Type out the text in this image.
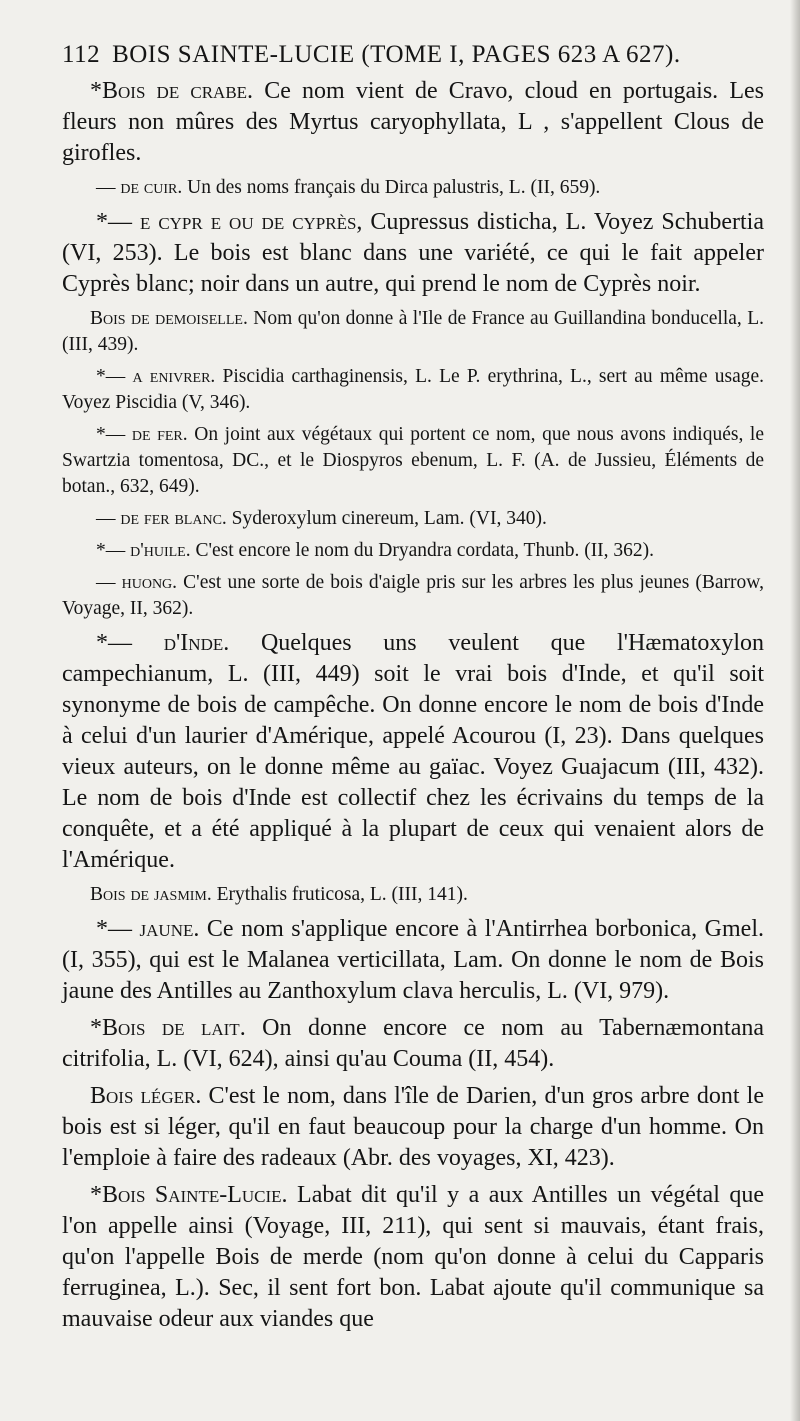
112 BOIS SAINTE-LUCIE (TOME I, PAGES 623 A 627).

*Bois de crabe. Ce nom vient de Cravo, cloud en portugais. Les fleurs non mûres des Myrtus caryophyllata, L , s'appellent Clous de girofles.

— de cuir. Un des noms français du Dirca palustris, L. (II, 659).

*— e cypr e ou de cyprès, Cupressus disticha, L. Voyez Schubertia (VI, 253). Le bois est blanc dans une variété, ce qui le fait appeler Cyprès blanc; noir dans un autre, qui prend le nom de Cyprès noir.

Bois de demoiselle. Nom qu'on donne à l'Ile de France au Guillandina bonducella, L. (III, 439).

*— a enivrer. Piscidia carthaginensis, L. Le P. erythrina, L., sert au même usage. Voyez Piscidia (V, 346).

*— de fer. On joint aux végétaux qui portent ce nom, que nous avons indiqués, le Swartzia tomentosa, DC., et le Diospyros ebenum, L. F. (A. de Jussieu, Éléments de botan., 632, 649).

— de fer blanc. Syderoxylum cinereum, Lam. (VI, 340).

*— d'huile. C'est encore le nom du Dryandra cordata, Thunb. (II, 362).

— huong. C'est une sorte de bois d'aigle pris sur les arbres les plus jeunes (Barrow, Voyage, II, 362).

*— d'Inde. Quelques uns veulent que l'Hæmatoxylon campechianum, L. (III, 449) soit le vrai bois d'Inde, et qu'il soit synonyme de bois de campêche. On donne encore le nom de bois d'Inde à celui d'un laurier d'Amérique, appelé Acourou (I, 23). Dans quelques vieux auteurs, on le donne même au gaïac. Voyez Guajacum (III, 432). Le nom de bois d'Inde est collectif chez les écrivains du temps de la conquête, et a été appliqué à la plupart de ceux qui venaient alors de l'Amérique.

Bois de jasmim. Erythalis fruticosa, L. (III, 141).

*— jaune. Ce nom s'applique encore à l'Antirrhea borbonica, Gmel. (I, 355), qui est le Malanea verticillata, Lam. On donne le nom de Bois jaune des Antilles au Zanthoxylum clava herculis, L. (VI, 979).

*Bois de lait. On donne encore ce nom au Tabernæmontana citrifolia, L. (VI, 624), ainsi qu'au Couma (II, 454).

Bois léger. C'est le nom, dans l'île de Darien, d'un gros arbre dont le bois est si léger, qu'il en faut beaucoup pour la charge d'un homme. On l'emploie à faire des radeaux (Abr. des voyages, XI, 423).

*Bois Sainte-Lucie. Labat dit qu'il y a aux Antilles un végétal que l'on appelle ainsi (Voyage, III, 211), qui sent si mauvais, étant frais, qu'on l'appelle Bois de merde (nom qu'on donne à celui du Capparis ferruginea, L.). Sec, il sent fort bon. Labat ajoute qu'il communique sa mauvaise odeur aux viandes que
